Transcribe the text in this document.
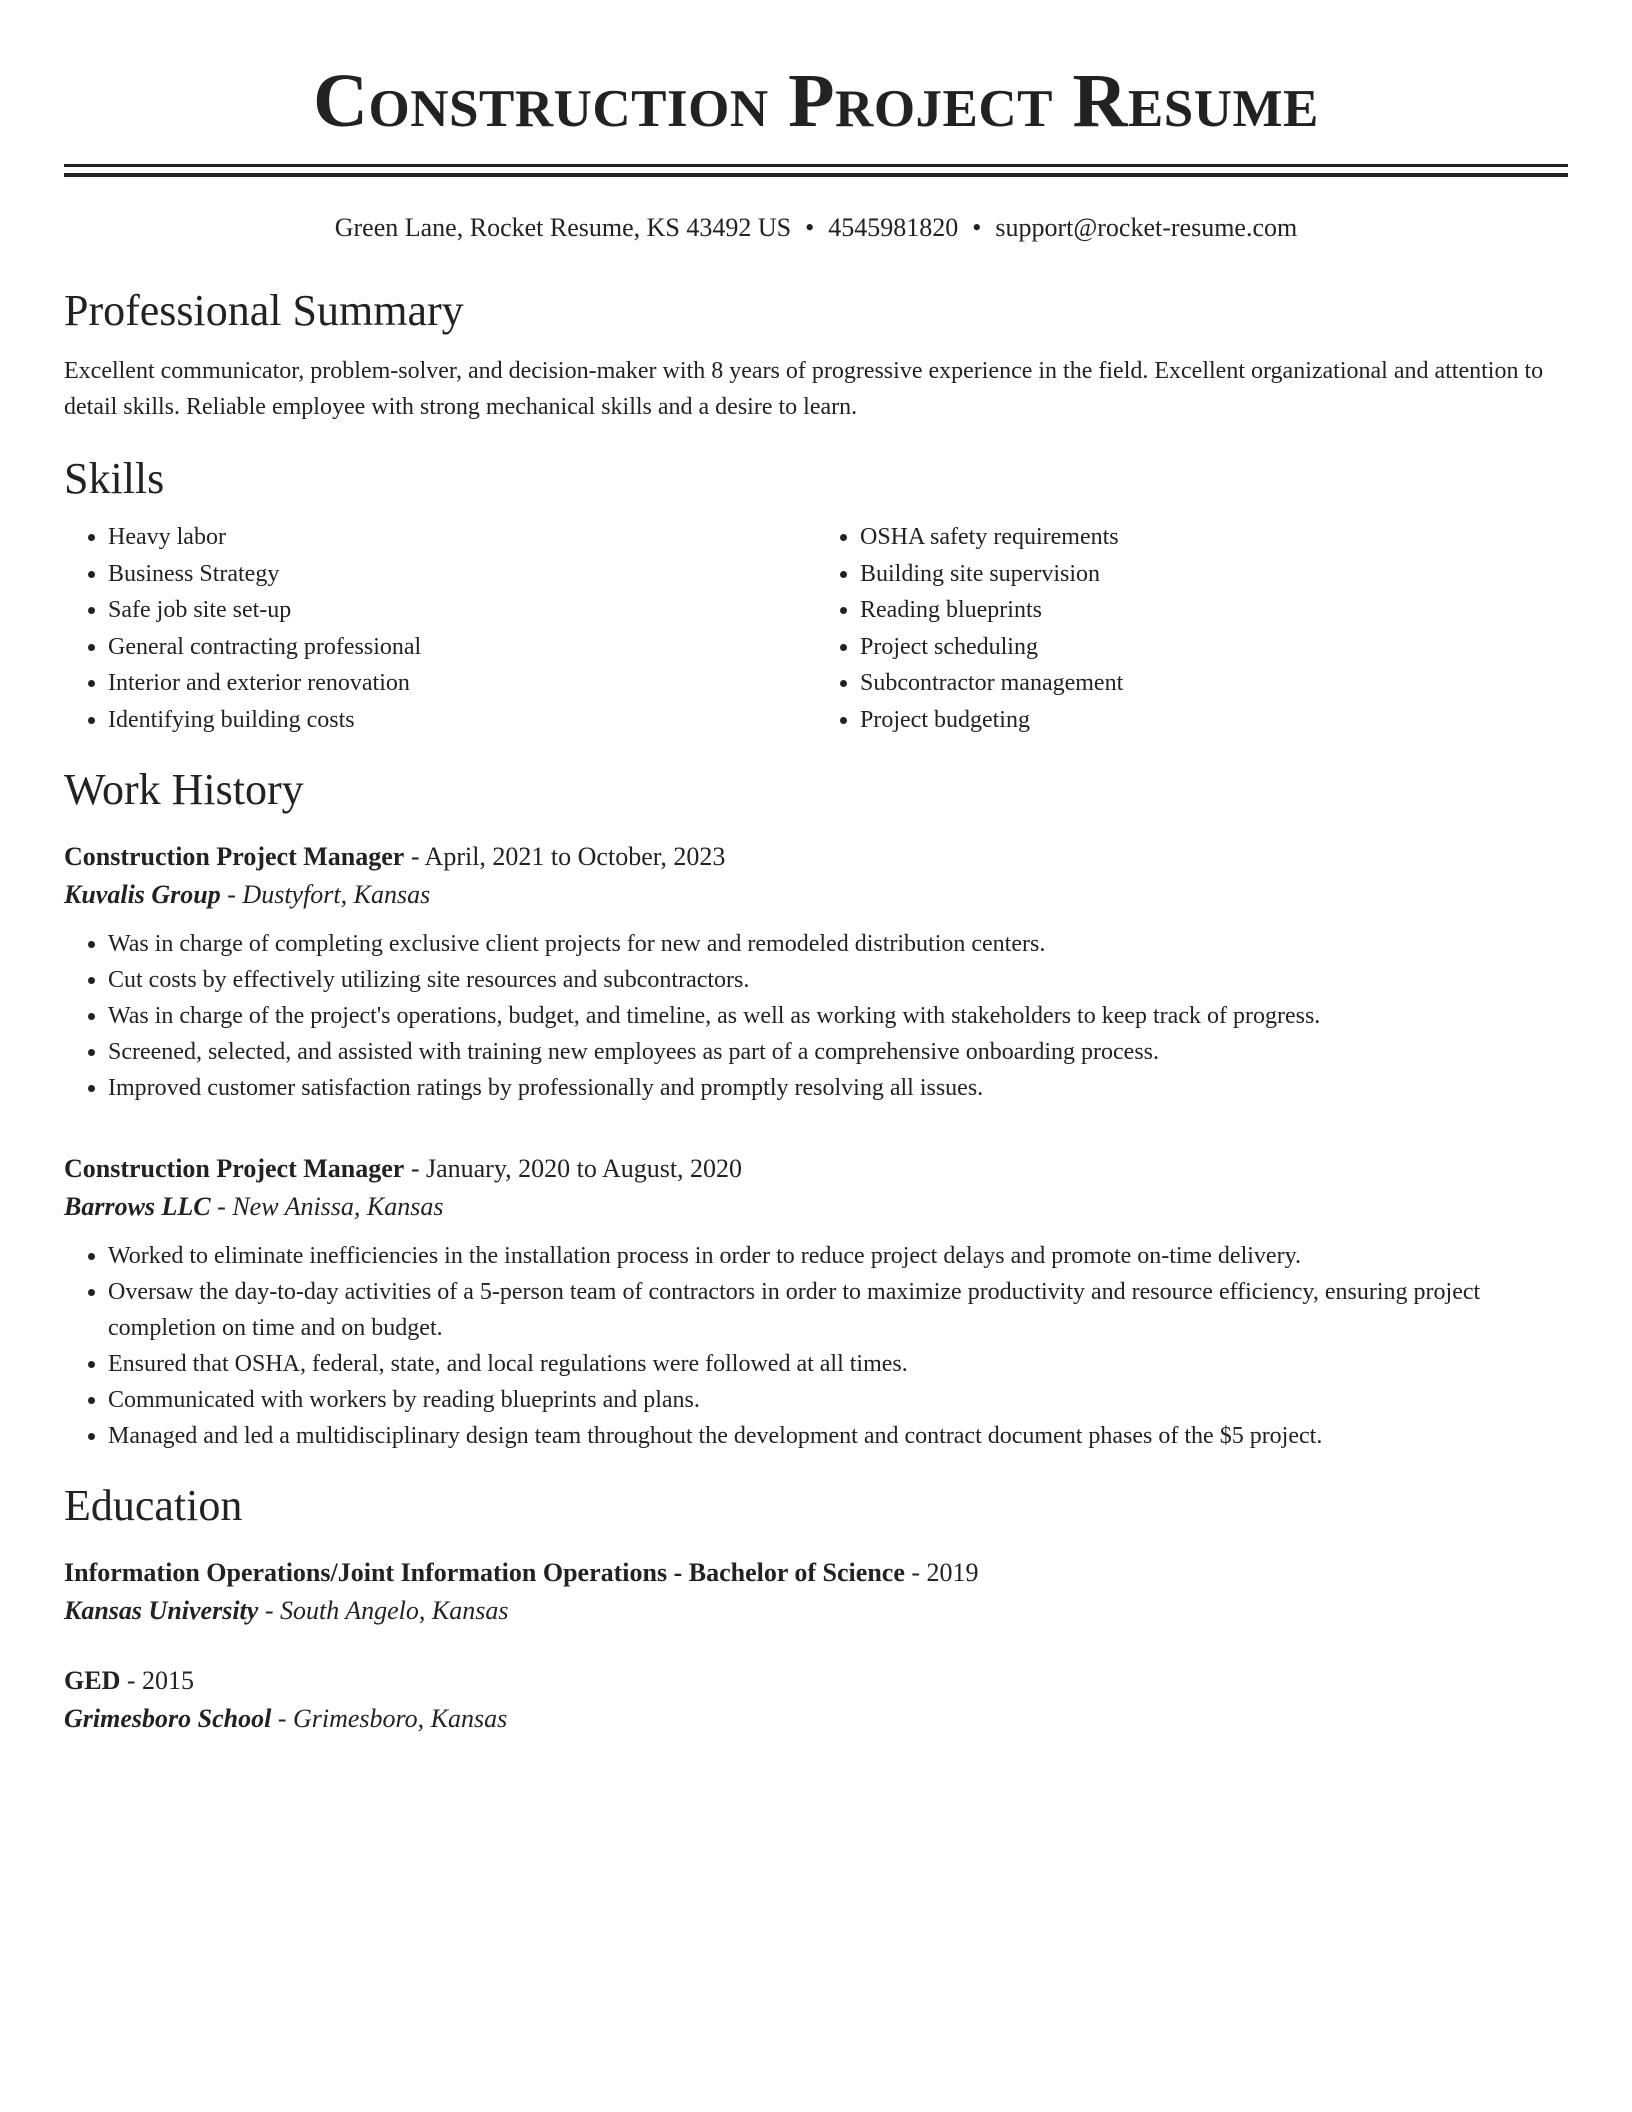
Construction Project Resume
Green Lane, Rocket Resume, KS 43492 US • 4545981820 • support@rocket-resume.com
Professional Summary

Excellent communicator, problem-solver, and decision-maker with 8 years of progressive experience in the field. Excellent organizational and attention to detail skills. Reliable employee with strong mechanical skills and a desire to learn.

Skills
• Heavy labor
• Business Strategy
• Safe job site set-up
• General contracting professional
• Interior and exterior renovation
• Identifying building costs
• OSHA safety requirements
• Building site supervision
• Reading blueprints
• Project scheduling
• Subcontractor management
• Project budgeting
Work History
Construction Project Manager - April, 2021 to October, 2023
Kuvalis Group - Dustyfort, Kansas
• Was in charge of completing exclusive client projects for new and remodeled distribution centers.
• Cut costs by effectively utilizing site resources and subcontractors.
• Was in charge of the project's operations, budget, and timeline, as well as working with stakeholders to keep track of progress.
• Screened, selected, and assisted with training new employees as part of a comprehensive onboarding process.
• Improved customer satisfaction ratings by professionally and promptly resolving all issues.
Construction Project Manager - January, 2020 to August, 2020
Barrows LLC - New Anissa, Kansas
• Worked to eliminate inefficiencies in the installation process in order to reduce project delays and promote on-time delivery.
• Oversaw the day-to-day activities of a 5-person team of contractors in order to maximize productivity and resource efficiency, ensuring project completion on time and on budget.
• Ensured that OSHA, federal, state, and local regulations were followed at all times.
• Communicated with workers by reading blueprints and plans.
• Managed and led a multidisciplinary design team throughout the development and contract document phases of the $5 project.
Education
Information Operations/Joint Information Operations - Bachelor of Science - 2019
Kansas University - South Angelo, Kansas
GED - 2015
Grimesboro School - Grimesboro, Kansas
